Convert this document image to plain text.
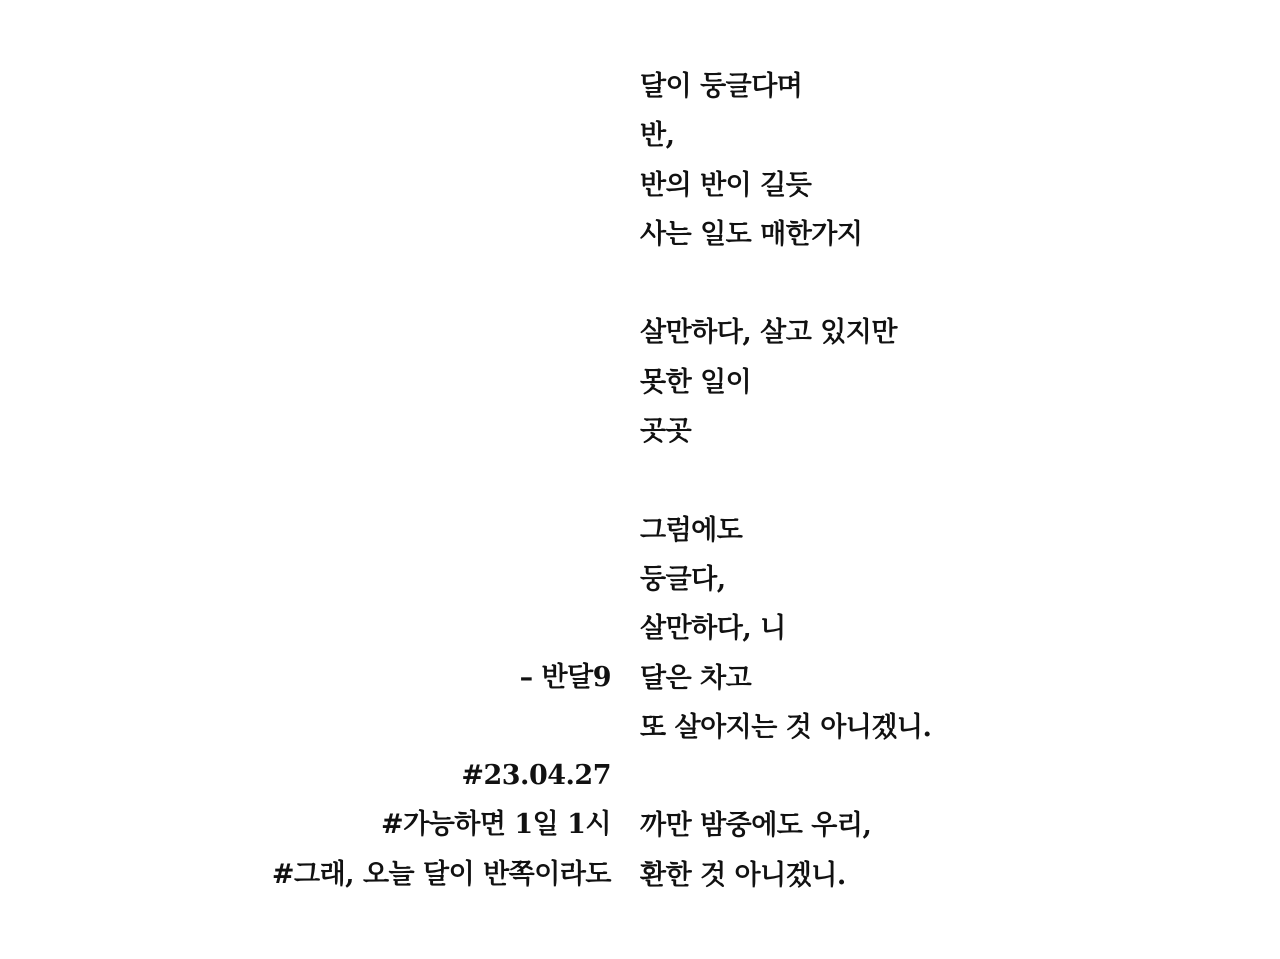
달이 둥글다며
반,
반의 반이 길듯
사는 일도 매한가지
살만하다, 살고 있지만
못한 일이
곳곳
그럼에도
둥글다,
살만하다, 니
달은 차고
또 살아지는 것 아니겠니.
까만 밤중에도 우리,
환한 것 아니겠니.
– 반달9
#23.04.27
#가능하면 1일 1시
#그래, 오늘 달이 반쪽이라도
